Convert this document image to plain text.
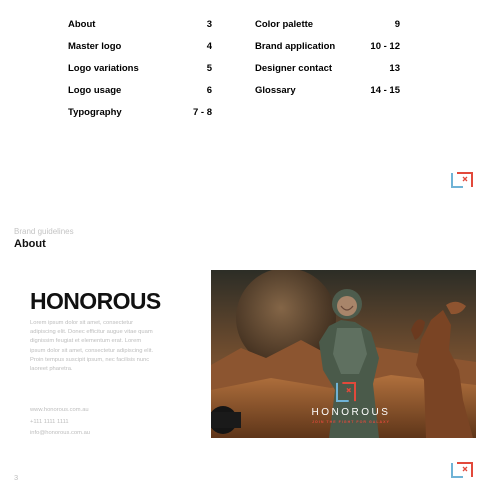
About	3
Master logo	4
Logo variations	5
Logo usage	6
Typography	7 - 8
Color palette	9
Brand application	10 - 12
Designer contact	13
Glossary	14 - 15
Brand guidelines
About
HONOROUS
Lorem ipsum dolor sit amet, consectetur adipiscing elit. Donec efficitur augue vitae quam dignissim feugiat et elementum erat. Lorem ipsum dolor sit amet, consectetur adipiscing elit. Proin tempus suscipit ipsum, nec facilisis nunc laoreet pharetra.
www.honorous.com.au
+111 1111 1111
info@honorous.com.au
HONOROUS
JOIN THE FIGHT FOR GALAXY
3
